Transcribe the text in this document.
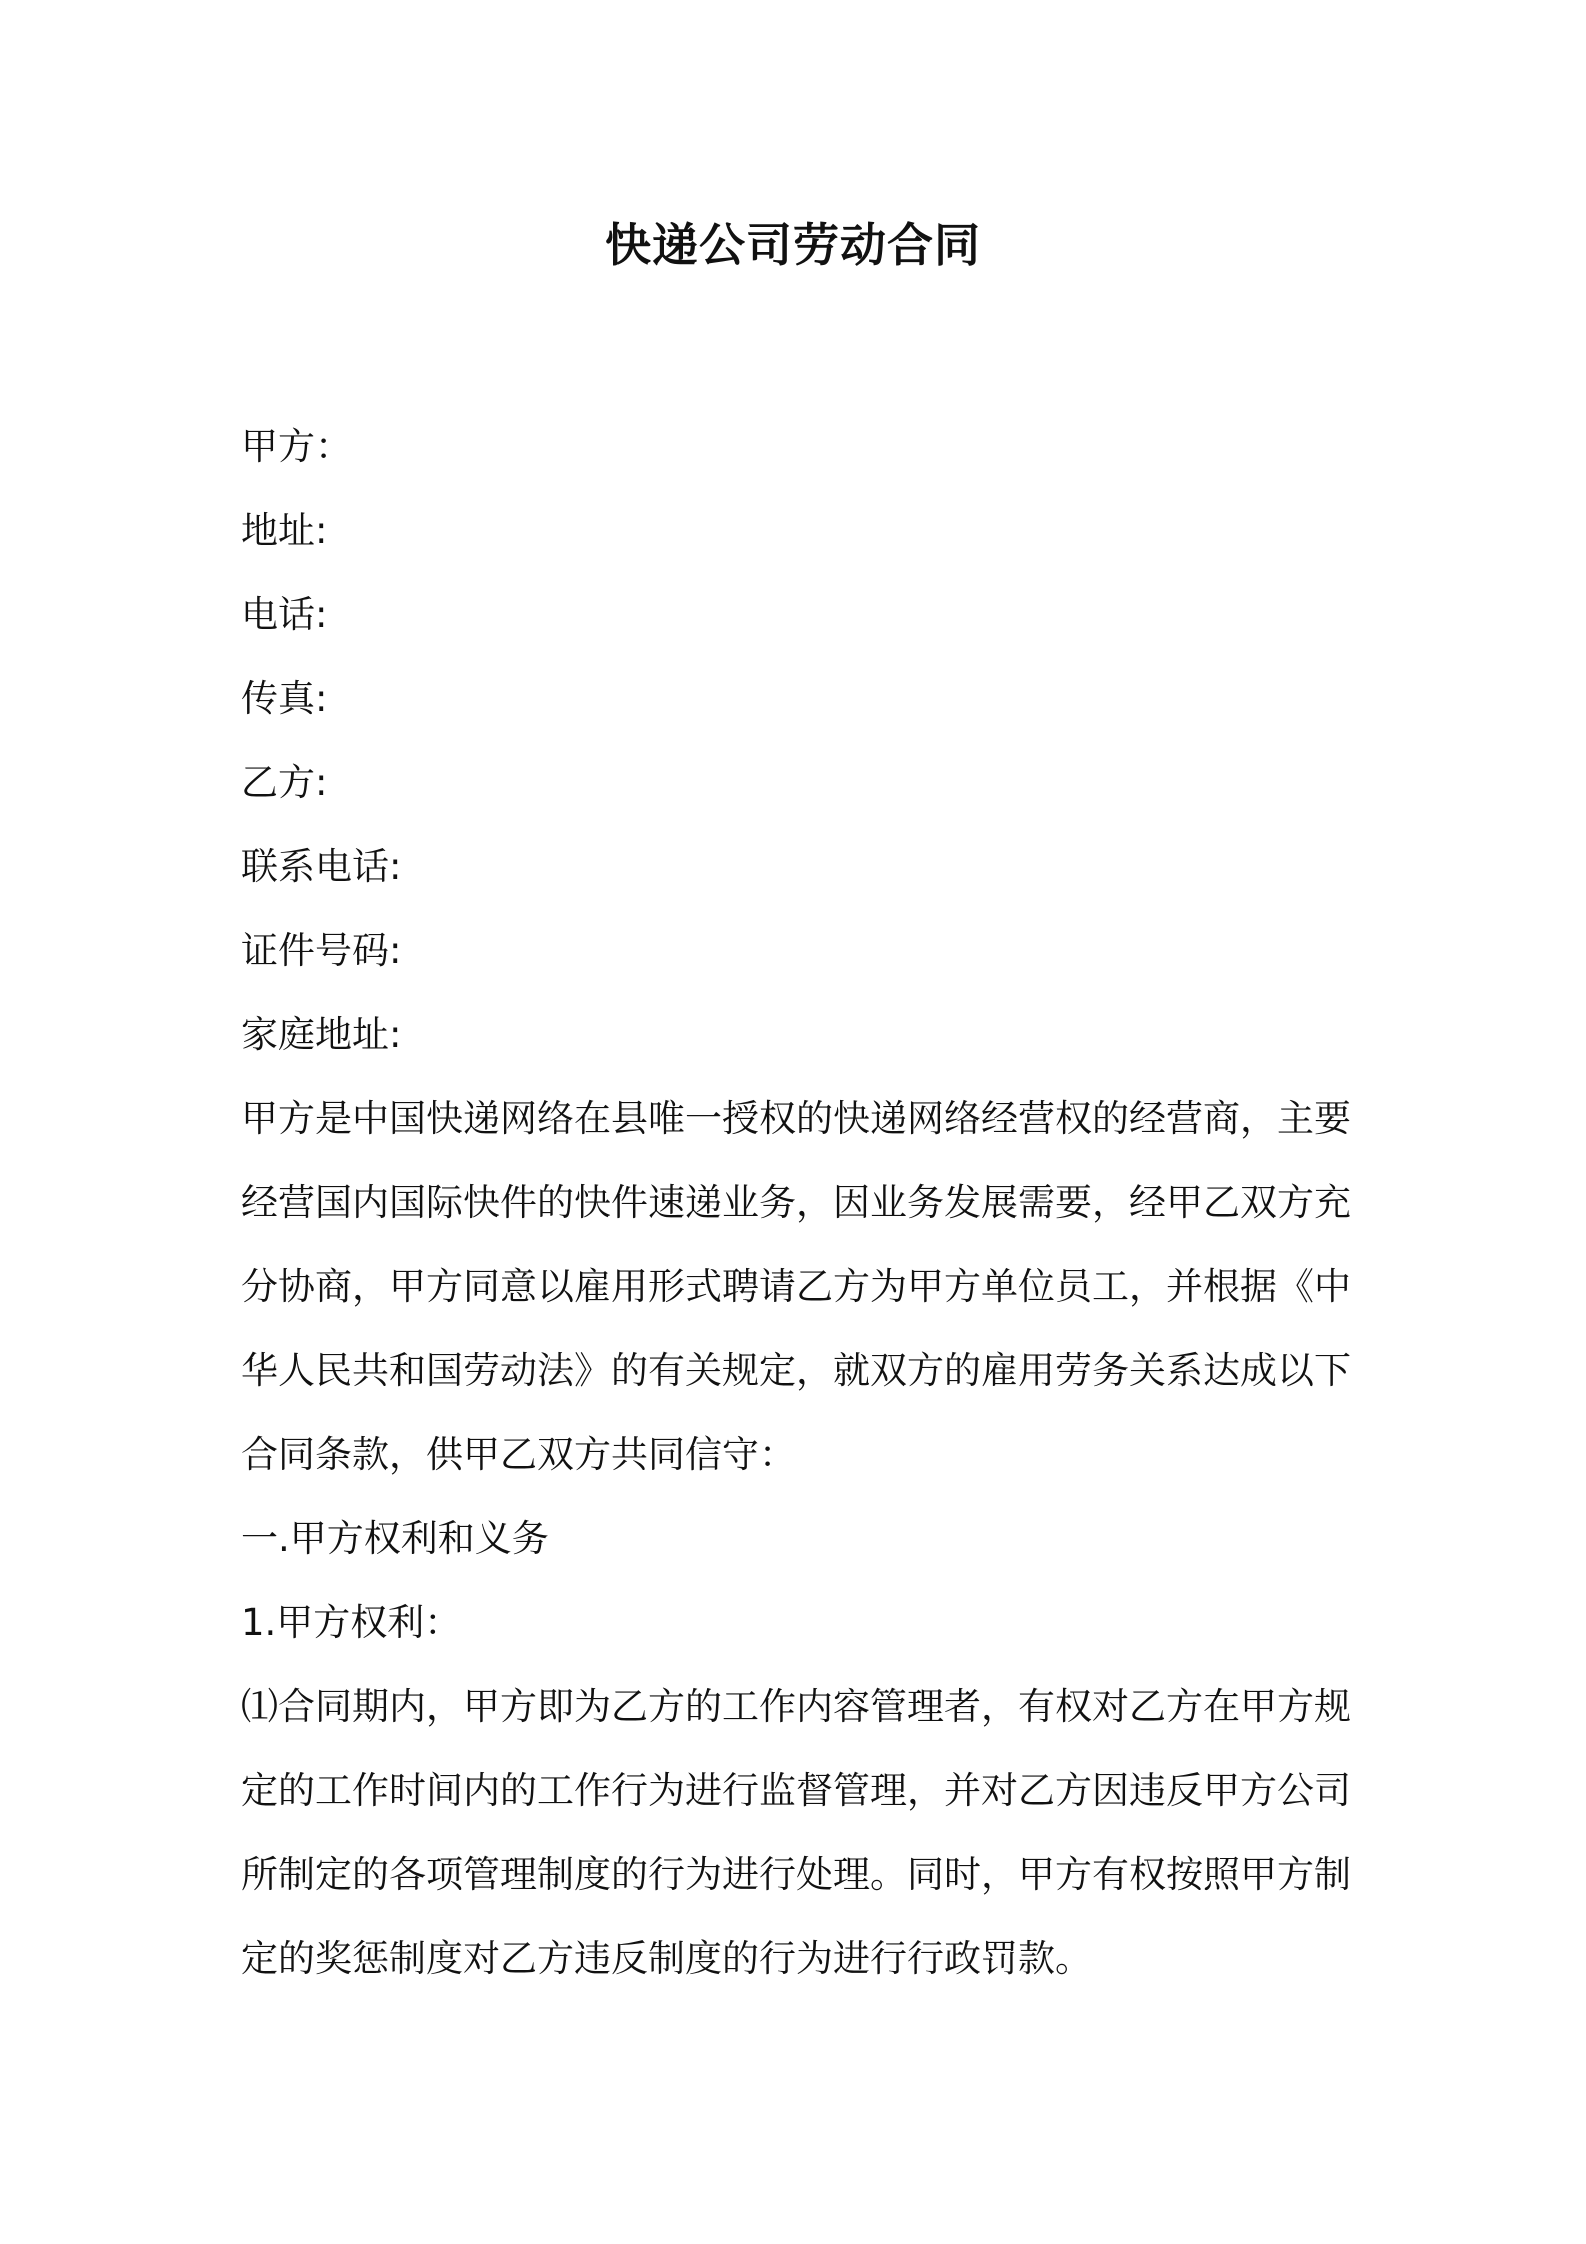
快递公司劳动合同
甲方：
地址:
电话:
传真:
乙方:
联系电话:
证件号码:
家庭地址:
甲方是中国快递网络在县唯一授权的快递网络经营权的经营商，主要
经营国内国际快件的快件速递业务，因业务发展需要，经甲乙双方充
分协商，甲方同意以雇用形式聘请乙方为甲方单位员工，并根据《中
华人民共和国劳动法》的有关规定，就双方的雇用劳务关系达成以下
合同条款，供甲乙双方共同信守：
一.甲方权利和义务
1.甲方权利：
⑴合同期内，甲方即为乙方的工作内容管理者，有权对乙方在甲方规
定的工作时间内的工作行为进行监督管理，并对乙方因违反甲方公司
所制定的各项管理制度的行为进行处理。同时，甲方有权按照甲方制
定的奖惩制度对乙方违反制度的行为进行行政罚款。
